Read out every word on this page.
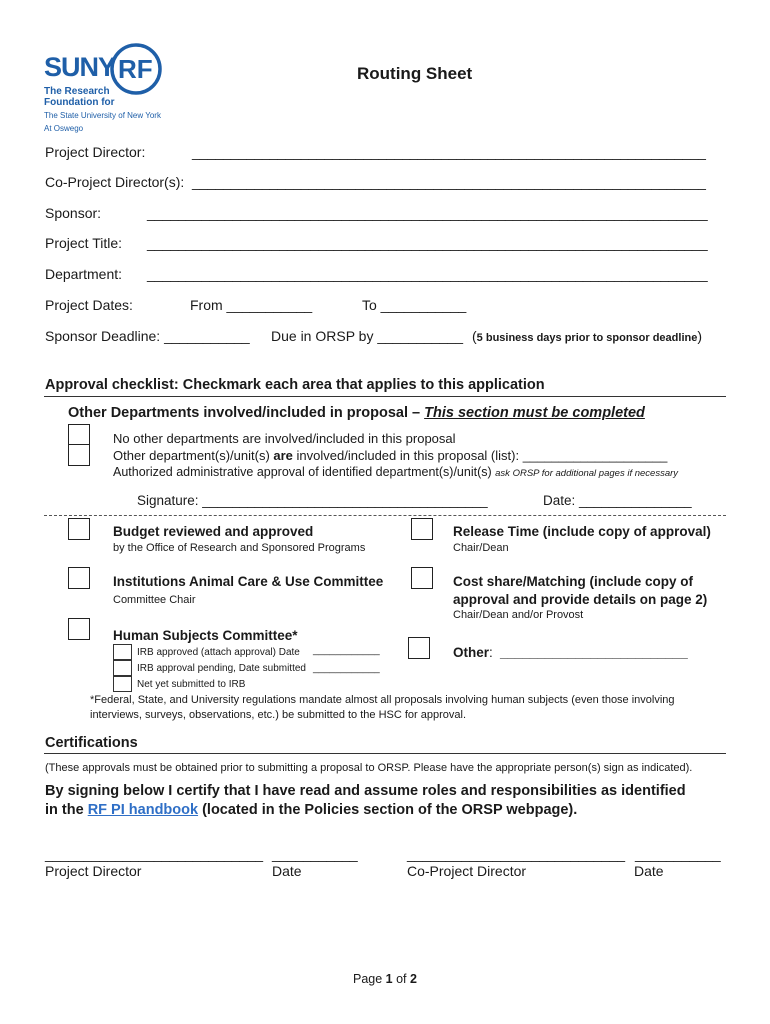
SUNY RF
The Research
Foundation for
The State University of New York
At Oswego
Routing Sheet
Project Director:	__________________________________________________________________
Co-Project Director(s): __________________________________________________________________
Sponsor:	________________________________________________________________________
Project Title: ________________________________________________________________________
Department: ________________________________________________________________________
Project Dates:	From ___________	To ___________
Sponsor Deadline: ___________ Due in ORSP by ___________ (5 business days prior to sponsor deadline)
Approval checklist: Checkmark each area that applies to this application
Other Departments involved/included in proposal – This section must be completed
No other departments are involved/included in this proposal
Other department(s)/unit(s) are involved/included in this proposal (list): ____________________
Authorized administrative approval of identified department(s)/unit(s) ask ORSP for additional pages if necessary
Signature: ______________________________________	Date: _______________
Budget reviewed and approved
by the Office of Research and Sponsored Programs
Release Time (include copy of approval)
Chair/Dean
Institutions Animal Care & Use Committee
Committee Chair
Cost share/Matching (include copy of
approval and provide details on page 2)
Chair/Dean and/or Provost
Human Subjects Committee*
IRB approved (attach approval) Date ____________
IRB approval pending, Date submitted ____________
Net yet submitted to IRB
Other: _________________________
*Federal, State, and University regulations mandate almost all proposals involving human subjects (even those involving
interviews, surveys, observations, etc.) be submitted to the HSC for approval.
Certifications
(These approvals must be obtained prior to submitting a proposal to ORSP. Please have the appropriate person(s) sign as indicated).
By signing below I certify that I have read and assume roles and responsibilities as identified
in the RF PI handbook (located in the Policies section of the ORSP webpage).
____________________________ ___________	____________________________ ___________
Project Director	Date	Co-Project Director	Date
Page 1 of 2
